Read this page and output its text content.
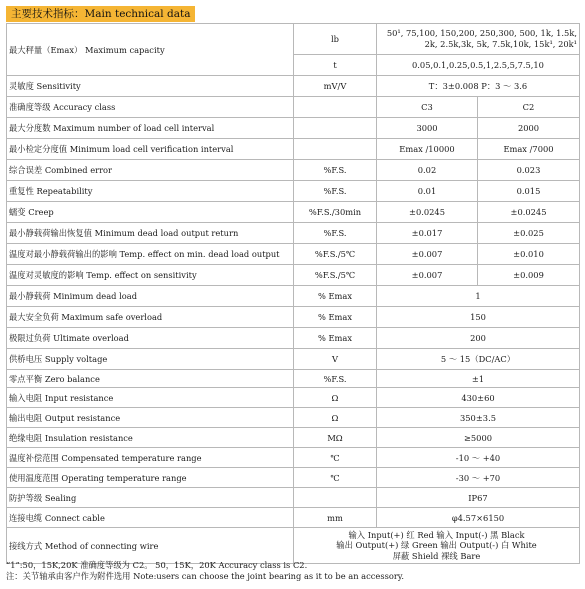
主要技术指标：Main technical data
最大秤量（Emax） Maximum capacity	lb	50¹, 75,100, 150,200, 250,300, 500, 1k, 1.5k, 2k, 2.5k,3k, 5k, 7.5k,10k, 15k¹, 20k¹	
	t	0.05,0.1,0.25,0.5,1,2.5,5,7.5,10	
灵敏度 Sensitivity	mV/V	T：3±0.008 P：3 ～ 3.6	
准确度等级 Accuracy class		C3	C2
最大分度数 Maximum number of load cell interval		3000	2000
最小检定分度值 Minimum load cell verification interval		Emax /10000	Emax /7000
综合误差 Combined error	%F.S.	0.02	0.023
重复性 Repeatability	%F.S.	0.01	0.015
蠕变 Creep	%F.S./30min	±0.0245	±0.0245
最小静载荷输出恢复值 Minimum dead load output return	%F.S.	±0.017	±0.025
温度对最小静载荷输出的影响 Temp. effect on min. dead load output	%F.S./5℃	±0.007	±0.010
温度对灵敏度的影响 Temp. effect on sensitivity	%F.S./5℃	±0.007	±0.009
最小静载荷 Minimum dead load	% Emax	1	
最大安全负荷 Maximum safe overload	% Emax	150	
极限过负荷 Ultimate overload	% Emax	200	
供桥电压 Supply voltage	V	5 ～ 15（DC/AC）	
零点平衡 Zero balance	%F.S.	±1	
输入电阻 Input resistance	Ω	430±60	
输出电阻 Output resistance	Ω	350±3.5	
绝缘电阻 Insulation resistance	MΩ	≥5000	
温度补偿范围 Compensated temperature range	℃	-10 ～ +40	
使用温度范围 Operating temperature range	℃	-30 ～ +70	
防护等级 Sealing		IP67	
连接电缆 Connect cable	mm	φ4.57×6150	
接线方式 Method of connecting wire	输入 Input(+) 红 Red 输入 Input(-) 黑 Black
输出 Output(+) 绿 Green 输出 Output(-) 白 White
屏蔽 Shield 裸线 Bare		
“1”:50，15K,20K 准确度等级为 C2。 50，15K，20K Accuracy class is C2.
注：关节轴承由客户作为附件选用 Note:users can choose the joint bearing as it to be an accessory.
